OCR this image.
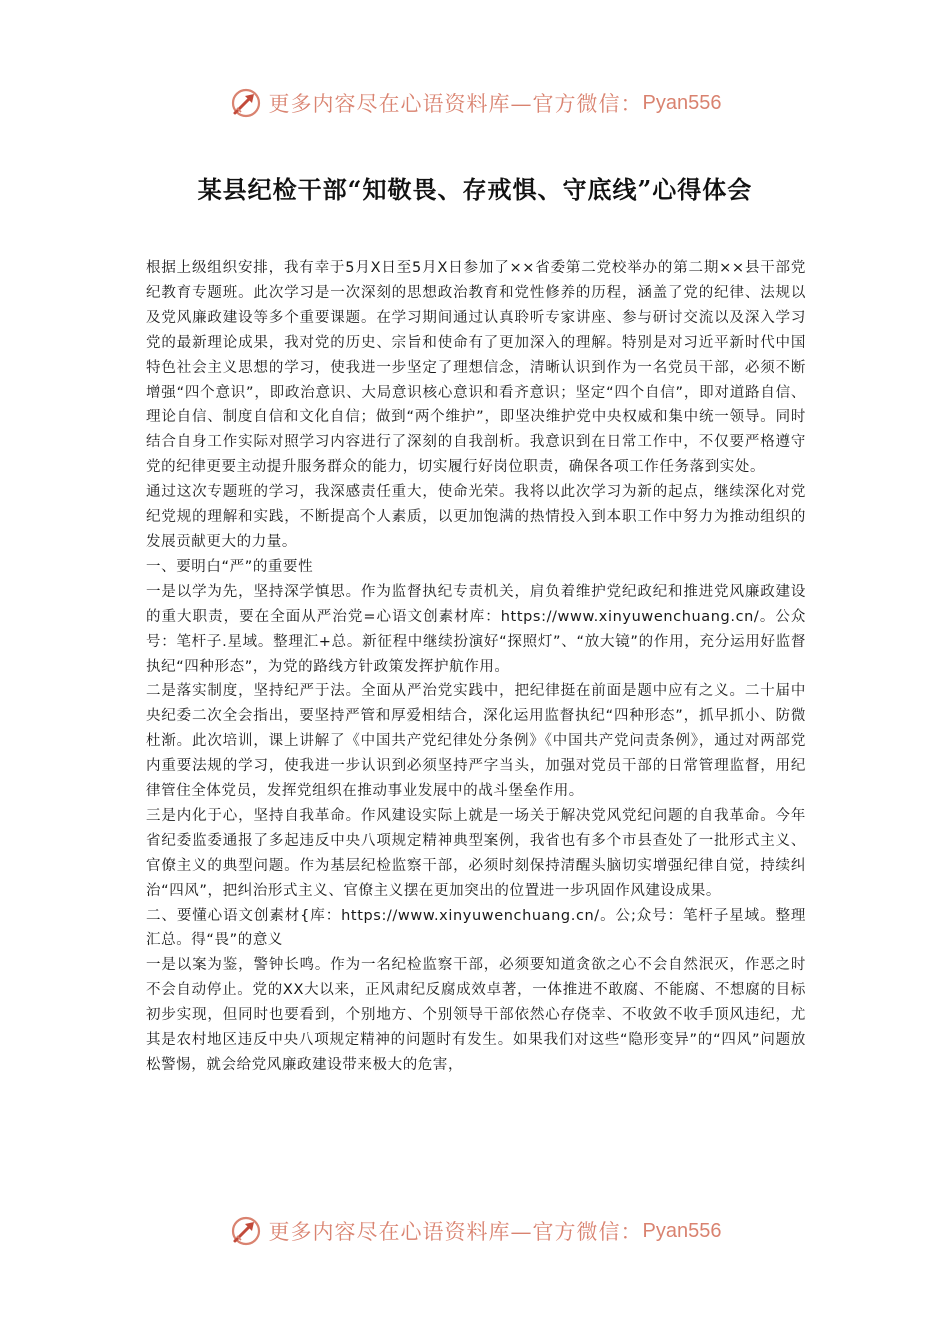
更多内容尽在心语资料库—官方微信： Pyan556
某县纪检干部“知敬畏、存戒惧、守底线”心得体会

根据上级组织安排，我有幸于5月X日至5月X日参加了××省委第二党校举办的第二期××县干部党纪教育专题班。此次学习是一次深刻的思想政治教育和党性修养的历程，涵盖了党的纪律、法规以及党风廉政建设等多个重要课题。在学习期间通过认真聆听专家讲座、参与研讨交流以及深入学习党的最新理论成果，我对党的历史、宗旨和使命有了更加深入的理解。特别是对习近平新时代中国特色社会主义思想的学习，使我进一步坚定了理想信念，清晰认识到作为一名党员干部，必须不断增强“四个意识”，即政治意识、大局意识核心意识和看齐意识；坚定“四个自信”，即对道路自信、理论自信、制度自信和文化自信；做到“两个维护”，即坚决维护党中央权威和集中统一领导。同时结合自身工作实际对照学习内容进行了深刻的自我剖析。我意识到在日常工作中，不仅要严格遵守党的纪律更要主动提升服务群众的能力，切实履行好岗位职责，确保各项工作任务落到实处。

通过这次专题班的学习，我深感责任重大，使命光荣。我将以此次学习为新的起点，继续深化对党纪党规的理解和实践，不断提高个人素质，以更加饱满的热情投入到本职工作中努力为推动组织的发展贡献更大的力量。

一、要明白“严”的重要性

一是以学为先，坚持深学慎思。作为监督执纪专责机关，肩负着维护党纪政纪和推进党风廉政建设的重大职责，要在全面从严治党=心语文创素材库：https://www.xinyuwenchuang.cn/。公众号：笔杆子.星域。整理汇+总。新征程中继续扮演好“探照灯”、“放大镜”的作用，充分运用好监督执纪“四种形态”，为党的路线方针政策发挥护航作用。

二是落实制度，坚持纪严于法。全面从严治党实践中，把纪律挺在前面是题中应有之义。二十届中央纪委二次全会指出，要坚持严管和厚爱相结合，深化运用监督执纪“四种形态”，抓早抓小、防微杜渐。此次培训，课上讲解了《中国共产党纪律处分条例》《中国共产党问责条例》，通过对两部党内重要法规的学习，使我进一步认识到必须坚持严字当头，加强对党员干部的日常管理监督，用纪律管住全体党员，发挥党组织在推动事业发展中的战斗堡垒作用。

三是内化于心，坚持自我革命。作风建设实际上就是一场关于解决党风党纪问题的自我革命。今年省纪委监委通报了多起违反中央八项规定精神典型案例，我省也有多个市县查处了一批形式主义、官僚主义的典型问题。作为基层纪检监察干部，必须时刻保持清醒头脑切实增强纪律自觉，持续纠治“四风”，把纠治形式主义、官僚主义摆在更加突出的位置进一步巩固作风建设成果。

二、要懂心语文创素材{库：https://www.xinyuwenchuang.cn/。公;众号：笔杆子星域。整理汇总。得“畏”的意义

一是以案为鉴，警钟长鸣。作为一名纪检监察干部，必须要知道贪欲之心不会自然泯灭，作恶之时不会自动停止。党的XX大以来，正风肃纪反腐成效卓著，一体推进不敢腐、不能腐、不想腐的目标初步实现，但同时也要看到，个别地方、个别领导干部依然心存侥幸、不收敛不收手顶风违纪，尤其是农村地区违反中央八项规定精神的问题时有发生。如果我们对这些“隐形变异”的“四风”问题放松警惕，就会给党风廉政建设带来极大的危害，

更多内容尽在心语资料库—官方微信： Pyan556
